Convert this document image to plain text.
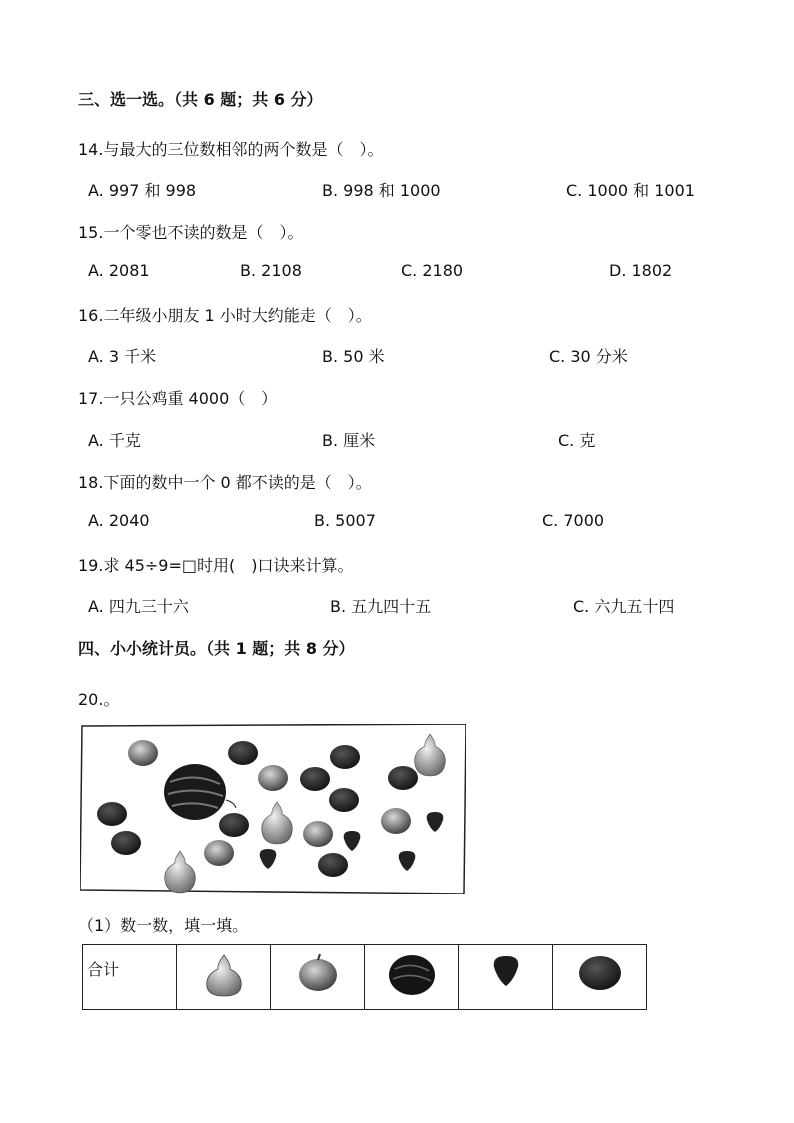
三、选一选。（共 6 题；共 6 分）
14.与最大的三位数相邻的两个数是（　）。
A. 997 和 998	B. 998 和 1000	C. 1000 和 1001
15.一个零也不读的数是（　）。
A. 2081	B. 2108	C. 2180	D. 1802
16.二年级小朋友 1 小时大约能走（　）。
A. 3 千米	B. 50 米	C. 30 分米
17.一只公鸡重 4000（　）
A. 千克	B. 厘米	C. 克
18.下面的数中一个 0 都不读的是（　）。
A. 2040	B. 5007	C. 7000
19.求 45÷9=□时用(　)口诀来计算。
A. 四九三十六	B. 五九四十五	C. 六九五十四
四、小小统计员。（共 1 题；共 8 分）
20.。
（1）数一数，填一填。
合计	
